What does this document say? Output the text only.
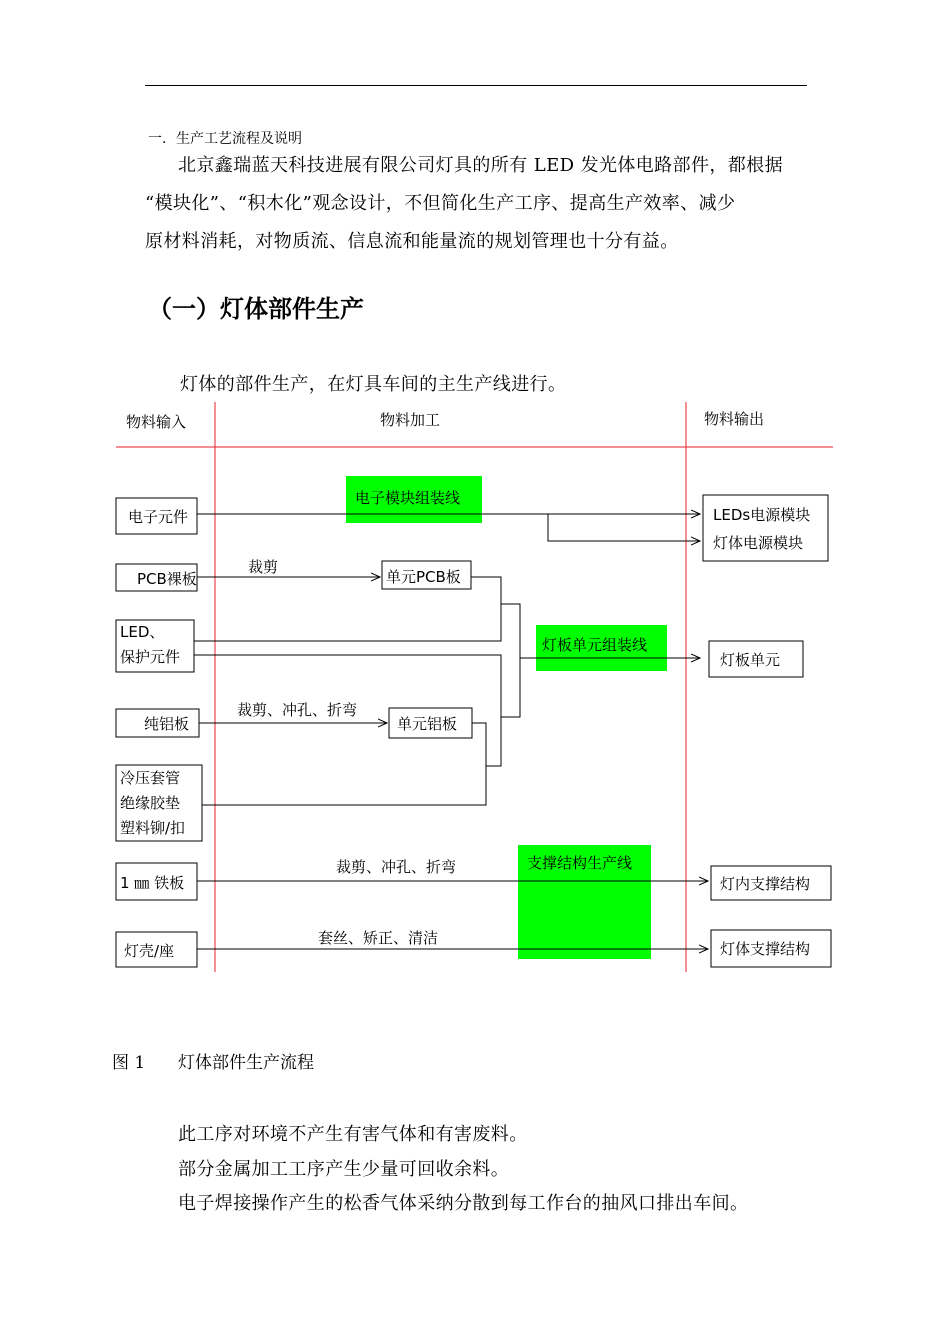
一．生产工艺流程及说明
北京鑫瑞蓝天科技进展有限公司灯具的所有 LED 发光体电路部件，都根据
“模块化”、“积木化”观念设计，不但简化生产工序、提高生产效率、减少
原材料消耗，对物质流、信息流和能量流的规划管理也十分有益。
（一）灯体部件生产
灯体的部件生产，在灯具车间的主生产线进行。
物料输入	物料加工	物料输出
电子模块组装线
灯板单元组装线
支撑结构生产线
电子元件
PCB裸板
LED、
保护元件
纯铝板
冷压套管
绝缘胶垫
塑料铆/扣
1 ㎜ 铁板
灯壳/座
单元PCB板
单元铝板
LEDs电源模块
灯体电源模块
灯板单元
灯内支撑结构
灯体支撑结构
裁剪
裁剪、冲孔、折弯
裁剪、冲孔、折弯
套丝、矫正、清洁
图 1 灯体部件生产流程
此工序对环境不产生有害气体和有害废料。
部分金属加工工序产生少量可回收余料。
电子焊接操作产生的松香气体采纳分散到每工作台的抽风口排出车间。
